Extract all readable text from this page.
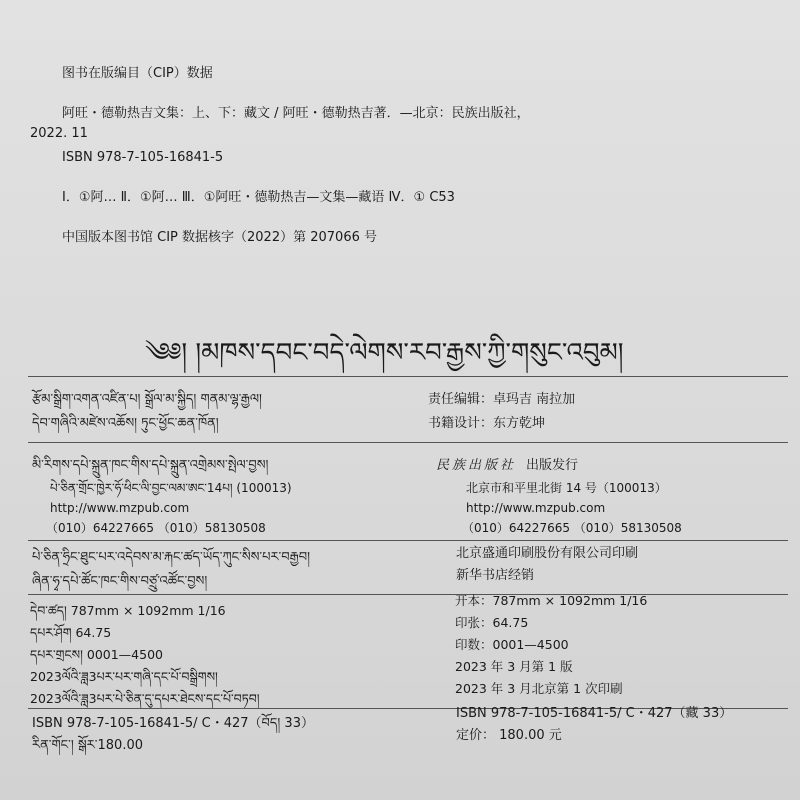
图书在版编目（CIP）数据
阿旺・德勒热吉文集：上、下：藏文 / 阿旺・德勒热吉著．—北京：民族出版社，
2022. 11
ISBN 978-7-105-16841-5
Ⅰ．①阿… Ⅱ．①阿… Ⅲ．①阿旺・德勒热吉—文集—藏语 Ⅳ．① C53
中国版本图书馆 CIP 数据核字（2022）第 207066 号
༄༅། །མཁས་དབང་བདེ་ལེགས་རབ་རྒྱས་ཀྱི་གསུང་འབུམ།
རྩོམ་སྒྲིག་འགན་འཛིན་པ། སྒྲོལ་མ་སྐྱིད། གནམ་ལྷ་རྒྱལ།
དེབ་གཞིའི་མཛེས་འཆོས། ཏུང་ཕྱོང་ཆན་ཁོན།
责任编辑：卓玛吉 南拉加
书籍设计：东方乾坤
མི་རིགས་དཔེ་སྐྲུན་ཁང་གིས་དཔེ་སྐྲུན་འགྲེམས་སྤེལ་བྱས།
པེ་ཅིན་གྲོང་ཁྱེར་ཧོ་ཕིང་ལི་བྱང་ལམ་ཨང་14པ། (100013)
http://www.mzpub.com
（010）64227665 （010）58130508
民族出版社 出版发行
北京市和平里北街 14 号（100013）
http://www.mzpub.com
（010）64227665 （010）58130508
པེ་ཅིན་ཧྲིང་ཐུང་པར་འདེབས་མ་རྐང་ཚད་ཡོད་ཀུང་སིས་པར་བརྒྱབ།
ཞིན་ཧྭ་དཔེ་ཚོང་ཁང་གིས་བཙྲུ་འཚོང་བྱས།
北京盛通印刷股份有限公司印刷
新华书店经销
དེབ་ཚད། 787mm × 1092mm 1/16
དཔར་ཤོག 64.75
དཔར་གྲངས། 0001—4500
2023ལོའི་ཟླ3པར་པར་གཞི་དང་པོ་བསྒྲིགས།
2023ལོའི་ཟླ3པར་པེ་ཅིན་དུ་དཔར་ཐེངས་དང་པོ་བཏབ།
开本：787mm × 1092mm 1/16
印张：64.75
印数：0001—4500
2023 年 3 月第 1 版
2023 年 3 月北京第 1 次印刷
ISBN 978-7-105-16841-5/ C・427（བོད། 33）
རིན་གོང་། སྒོར་180.00
ISBN 978-7-105-16841-5/ C・427（藏 33）
定价： 180.00 元
